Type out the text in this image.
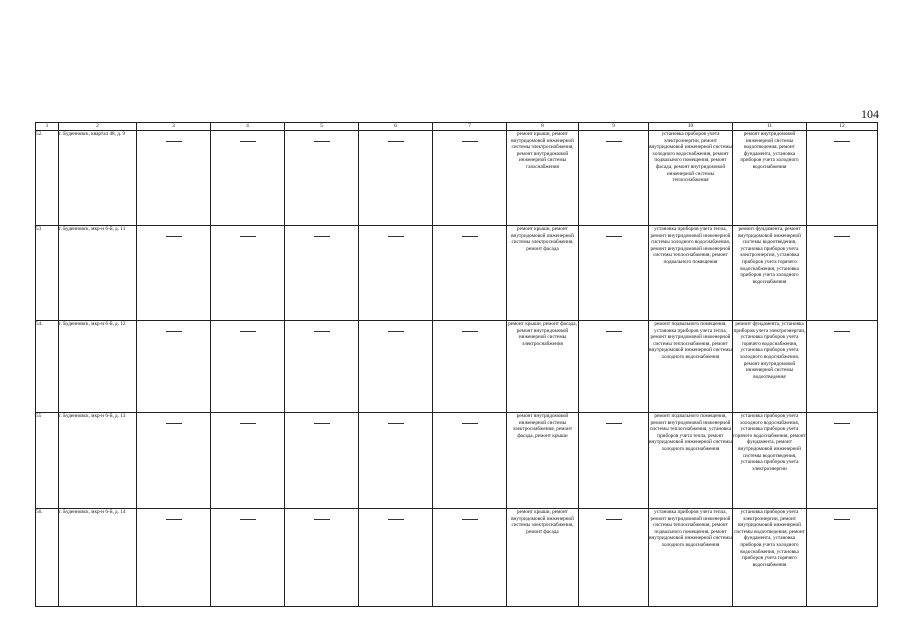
104
1	2	3	4	5	6	7	8	9	10	11	12
52.	г. Буденновск, квартал 48, д. 9						ремонт крыши, ремонт внутридомовой инженерной системы электроснабжения, ремонт внутридомовой инженерной системы газоснабжения		установка приборов учета электроэнергии, ремонт внутридомовой инженерной системы холодного водоснабжения, ремонт подвального помещения, ремонт фасада, ремонт внутридомовой инженерной системы теплоснабжения	ремонт внутридомовой инженерной системы водоотведения, ремонт фундамента, установка приборов учета холодного водоснабжения	
53	г. Буденновск, мкр-н 6-й, д. 11						ремонт крыши, ремонт внутридомовой инженерной системы электроснабжения, ремонт фасада		установка приборов учета тепла, ремонт внутридомовой инженерной системы холодного водоснабжения, ремонт внутридомовой инженерной системы теплоснабжения, ремонт подвального помещения	ремонт фундамента, ремонт внутридомовой инженерной системы водоотведения, установка приборов учета электроэнергии, установка приборов учета горячего водоснабжения, установка приборов учета холодного водоснабжения	
54.	г. Буденновск, мкр-н 6-й, д. 12						ремонт крыши, ремонт фасада, ремонт внутридомовой инженерной системы электроснабжения		ремонт подвального помещения, установка приборов учета тепла, ремонт внутридомовой инженерной системы теплоснабжения, ремонт внутридомовой инженерной системы холодного водоснабжения	ремонт фундамента, установка приборов учета электроэнергии, установка приборов учета горячего водоснабжения, установка приборов учета холодного водоснабжения, ремонт внутридомовой инженерной системы водоотведения	
55	г. Буденновск, мкр-н 6-й, д. 13						ремонт внутридомовой инженерной системы электроснабжения, ремонт фасада, ремонт крыши		ремонт подвального помещения, ремонт внутридомовой инженерной системы теплоснабжения, установка приборов учета тепла, ремонт внутридомовой инженерной системы холодного водоснабжения	установка приборов учета холодного водоснабжения, установка приборов учета горячего водоснабжения, ремонт фундамента, ремонт внутридомовой инженерной системы водоотведения, установка приборов учета электроэнергии	
56.	г. Буденновск, мкр-н 6-й, д. 14						ремонт крыши, ремонт внутридомовой инженерной системы электроснабжения, ремонт фасада		установка приборов учета тепла, ремонт внутридомовой инженерной системы теплоснабжения, ремонт подвального помещения, ремонт внутридомовой инженерной системы холодного водоснабжения	установка приборов учета электроэнергии, ремонт внутридомовой инженерной системы водоотведения, ремонт фундамента, установка приборов учета холодного водоснабжения, установка приборов учета горячего водоснабжения	
